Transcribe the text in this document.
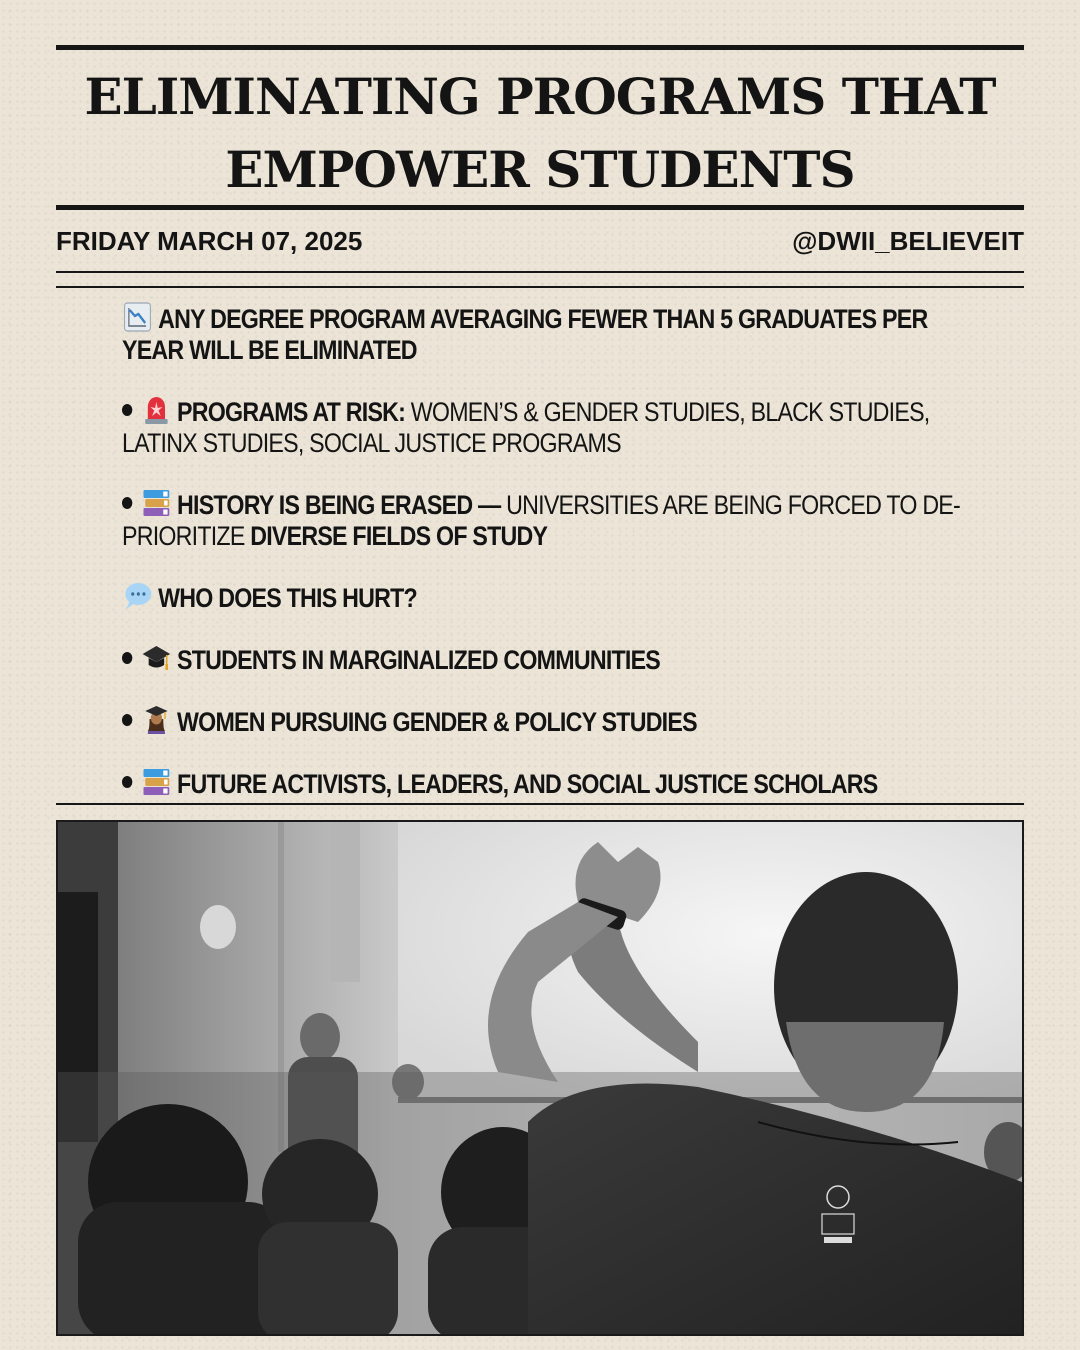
ELIMINATING PROGRAMS THAT
EMPOWER STUDENTS
FRIDAY MARCH 07, 2025	@DWII_BELIEVEIT

ANY DEGREE PROGRAM AVERAGING FEWER THAN 5 GRADUATES PER
YEAR WILL BE ELIMINATED

PROGRAMS AT RISK: WOMEN’S & GENDER STUDIES, BLACK STUDIES,
LATINX STUDIES, SOCIAL JUSTICE PROGRAMS

HISTORY IS BEING ERASED — UNIVERSITIES ARE BEING FORCED TO DE-
PRIORITIZE DIVERSE FIELDS OF STUDY

WHO DOES THIS HURT?

STUDENTS IN MARGINALIZED COMMUNITIES

WOMEN PURSUING GENDER & POLICY STUDIES

FUTURE ACTIVISTS, LEADERS, AND SOCIAL JUSTICE SCHOLARS
